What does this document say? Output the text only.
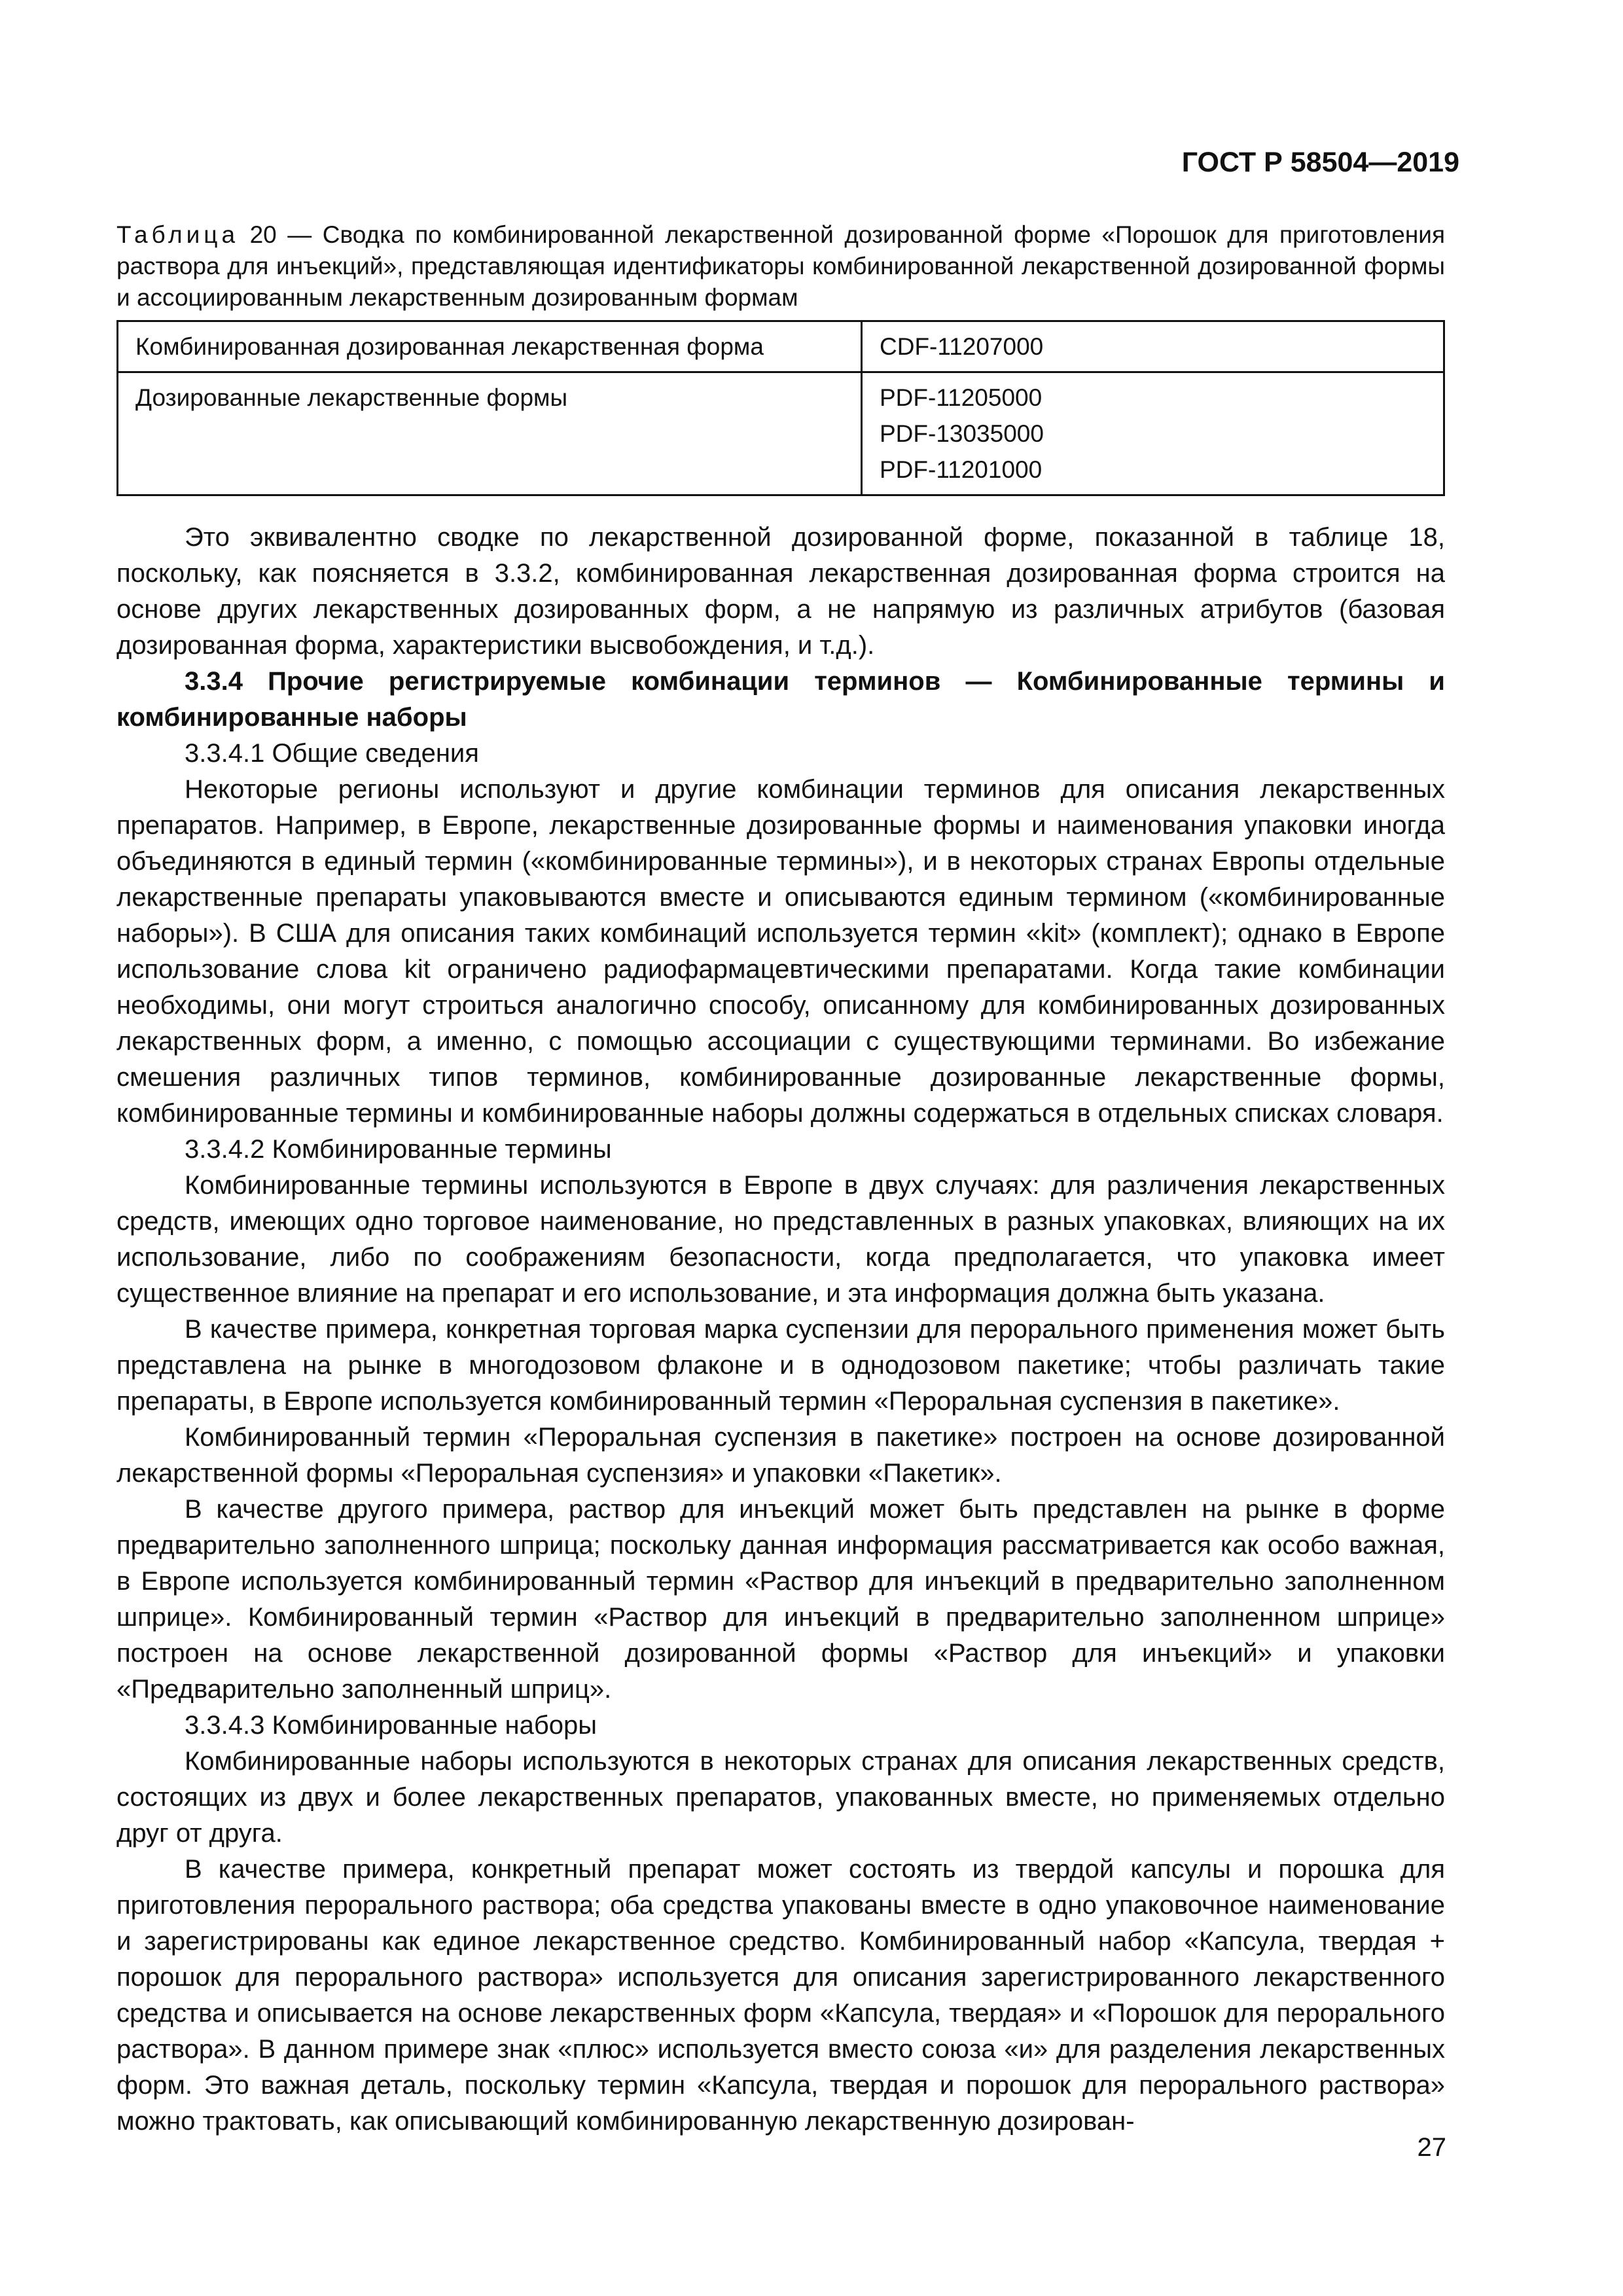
ГОСТ Р 58504—2019

Таблица 20 — Сводка по комбинированной лекарственной дозированной форме «Порошок для приготовления раствора для инъекций», представляющая идентификаторы комбинированной лекарственной дозированной формы и ассоциированным лекарственным дозированным формам

Комбинированная дозированная лекарственная форма	CDF-11207000

Дозированные лекарственные формы	PDF-11205000
PDF-13035000
PDF-11201000

Это эквивалентно сводке по лекарственной дозированной форме, показанной в таблице 18, поскольку, как поясняется в 3.3.2, комбинированная лекарственная дозированная форма строится на основе других лекарственных дозированных форм, а не напрямую из различных атрибутов (базовая дозированная форма, характеристики высвобождения, и т.д.).

3.3.4 Прочие регистрируемые комбинации терминов — Комбинированные термины и комбинированные наборы

3.3.4.1 Общие сведения

Некоторые регионы используют и другие комбинации терминов для описания лекарственных препаратов. Например, в Европе, лекарственные дозированные формы и наименования упаковки иногда объединяются в единый термин («комбинированные термины»), и в некоторых странах Европы отдельные лекарственные препараты упаковываются вместе и описываются единым термином («комбинированные наборы»). В США для описания таких комбинаций используется термин «kit» (комплект); однако в Европе использование слова kit ограничено радиофармацевтическими препаратами. Когда такие комбинации необходимы, они могут строиться аналогично способу, описанному для комбинированных дозированных лекарственных форм, а именно, с помощью ассоциации с существующими терминами. Во избежание смешения различных типов терминов, комбинированные дозированные лекарственные формы, комбинированные термины и комбинированные наборы должны содержаться в отдельных списках словаря.

3.3.4.2 Комбинированные термины

Комбинированные термины используются в Европе в двух случаях: для различения лекарственных средств, имеющих одно торговое наименование, но представленных в разных упаковках, влияющих на их использование, либо по соображениям безопасности, когда предполагается, что упаковка имеет существенное влияние на препарат и его использование, и эта информация должна быть указана.

В качестве примера, конкретная торговая марка суспензии для перорального применения может быть представлена на рынке в многодозовом флаконе и в однодозовом пакетике; чтобы различать такие препараты, в Европе используется комбинированный термин «Пероральная суспензия в пакетике».

Комбинированный термин «Пероральная суспензия в пакетике» построен на основе дозированной лекарственной формы «Пероральная суспензия» и упаковки «Пакетик».

В качестве другого примера, раствор для инъекций может быть представлен на рынке в форме предварительно заполненного шприца; поскольку данная информация рассматривается как особо важная, в Европе используется комбинированный термин «Раствор для инъекций в предварительно заполненном шприце». Комбинированный термин «Раствор для инъекций в предварительно заполненном шприце» построен на основе лекарственной дозированной формы «Раствор для инъекций» и упаковки «Предварительно заполненный шприц».

3.3.4.3 Комбинированные наборы

Комбинированные наборы используются в некоторых странах для описания лекарственных средств, состоящих из двух и более лекарственных препаратов, упакованных вместе, но применяемых отдельно друг от друга.

В качестве примера, конкретный препарат может состоять из твердой капсулы и порошка для приготовления перорального раствора; оба средства упакованы вместе в одно упаковочное наименование и зарегистрированы как единое лекарственное средство. Комбинированный набор «Капсула, твердая + порошок для перорального раствора» используется для описания зарегистрированного лекарственного средства и описывается на основе лекарственных форм «Капсула, твердая» и «Порошок для перорального раствора». В данном примере знак «плюс» используется вместо союза «и» для разделения лекарственных форм. Это важная деталь, поскольку термин «Капсула, твердая и порошок для перорального раствора» можно трактовать, как описывающий комбинированную лекарственную дозирован-

27
